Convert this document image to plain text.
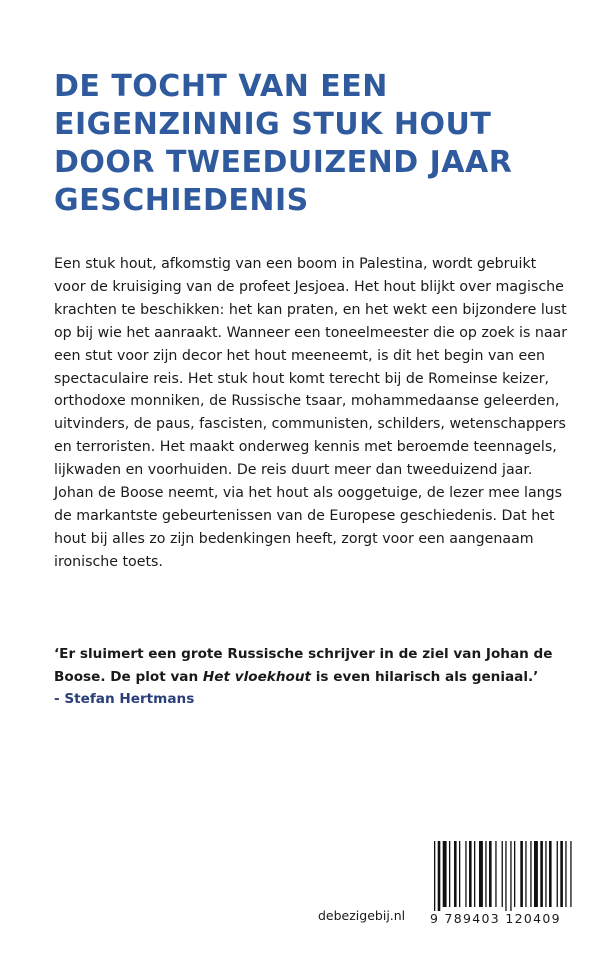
DE TOCHT VAN EEN
EIGENZINNIG STUK HOUT
DOOR TWEEDUIZEND JAAR
GESCHIEDENIS
Een stuk hout, afkomstig van een boom in Palestina, wordt gebruikt
voor de kruisiging van de profeet Jesjoea. Het hout blijkt over magische
krachten te beschikken: het kan praten, en het wekt een bijzondere lust
op bij wie het aanraakt. Wanneer een toneelmeester die op zoek is naar
een stut voor zijn decor het hout meeneemt, is dit het begin van een
spectaculaire reis. Het stuk hout komt terecht bij de Romeinse keizer,
orthodoxe monniken, de Russische tsaar, mohammedaanse geleerden,
uitvinders, de paus, fascisten, communisten, schilders, wetenschappers
en terroristen. Het maakt onderweg kennis met beroemde teennagels,
lijkwaden en voorhuiden. De reis duurt meer dan tweeduizend jaar.
Johan de Boose neemt, via het hout als ooggetuige, de lezer mee langs
de markantste gebeurtenissen van de Europese geschiedenis. Dat het
hout bij alles zo zijn bedenkingen heeft, zorgt voor een aangenaam
ironische toets.
‘Er sluimert een grote Russische schrijver in de ziel van Johan de
Boose. De plot van Het vloekhout is even hilarisch als geniaal.’
- Stefan Hertmans
debezigebij.nl 9 789403 120409
